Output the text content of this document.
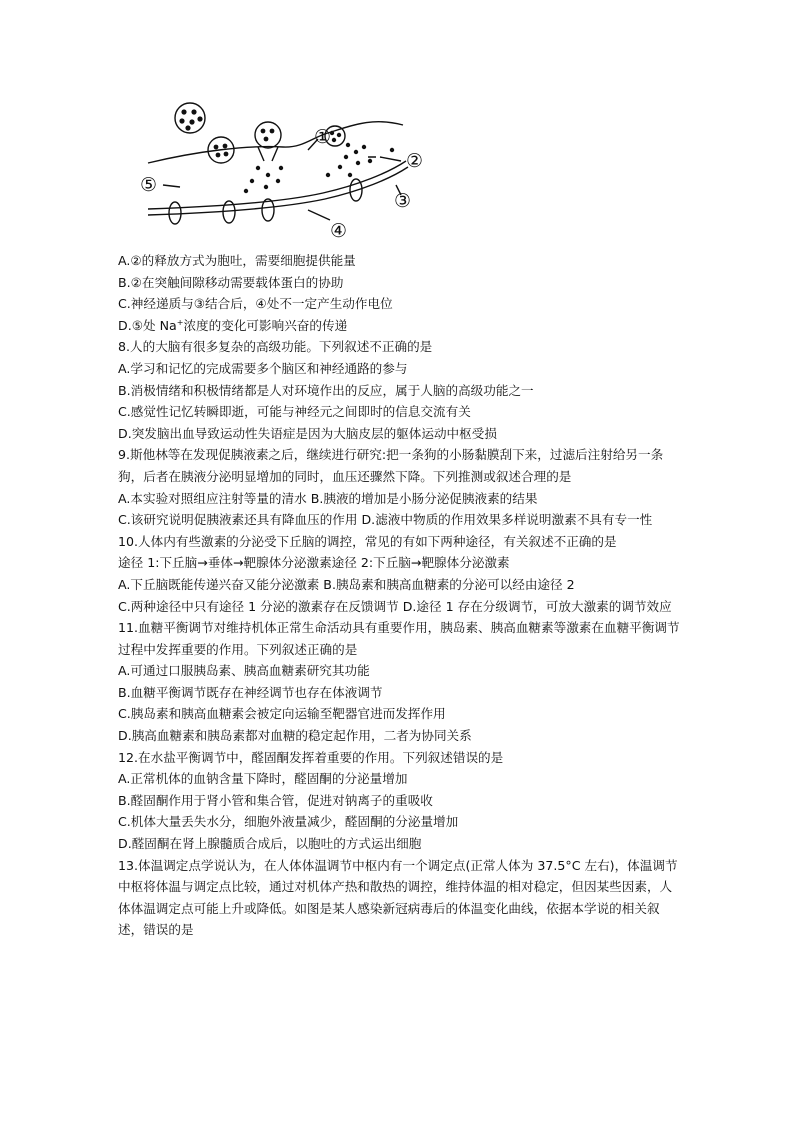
①
②
③
④
⑤
A.②的释放方式为胞吐，需要细胞提供能量
B.②在突触间隙移动需要载体蛋白的协助
C.神经递质与③结合后，④处不一定产生动作电位
D.⑤处 Na+浓度的变化可影响兴奋的传递
8.人的大脑有很多复杂的高级功能。下列叙述不正确的是
A.学习和记忆的完成需要多个脑区和神经通路的参与
B.消极情绪和积极情绪都是人对环境作出的反应，属于人脑的高级功能之一
C.感觉性记忆转瞬即逝，可能与神经元之间即时的信息交流有关
D.突发脑出血导致运动性失语症是因为大脑皮层的躯体运动中枢受损
9.斯他林等在发现促胰液素之后，继续进行研究:把一条狗的小肠黏膜刮下来，过滤后注射给另一条狗，后者在胰液分泌明显增加的同时，血压还骤然下降。下列推测或叙述合理的是
A.本实验对照组应注射等量的清水 B.胰液的增加是小肠分泌促胰液素的结果
C.该研究说明促胰液素还具有降血压的作用 D.滤液中物质的作用效果多样说明激素不具有专一性
10.人体内有些激素的分泌受下丘脑的调控，常见的有如下两种途径，有关叙述不正确的是
途径 1:下丘脑→垂体→靶腺体分泌激素途径 2:下丘脑→靶腺体分泌激素
A.下丘脑既能传递兴奋又能分泌激素 B.胰岛素和胰高血糖素的分泌可以经由途径 2
C.两种途径中只有途径 1 分泌的激素存在反馈调节 D.途径 1 存在分级调节，可放大激素的调节效应
11.血糖平衡调节对维持机体正常生命活动具有重要作用，胰岛素、胰高血糖素等激素在血糖平衡调节过程中发挥重要的作用。下列叙述正确的是
A.可通过口服胰岛素、胰高血糖素研究其功能
B.血糖平衡调节既存在神经调节也存在体液调节
C.胰岛素和胰高血糖素会被定向运输至靶器官进而发挥作用
D.胰高血糖素和胰岛素都对血糖的稳定起作用，二者为协同关系
12.在水盐平衡调节中，醛固酮发挥着重要的作用。下列叙述错误的是
A.正常机体的血钠含量下降时，醛固酮的分泌量增加
B.醛固酮作用于肾小管和集合管，促进对钠离子的重吸收
C.机体大量丢失水分，细胞外液量减少，醛固酮的分泌量增加
D.醛固酮在肾上腺髓质合成后，以胞吐的方式运出细胞
13.体温调定点学说认为，在人体体温调节中枢内有一个调定点(正常人体为 37.5°C 左右)，体温调节中枢将体温与调定点比较，通过对机体产热和散热的调控，维持体温的相对稳定，但因某些因素，人体体温调定点可能上升或降低。如图是某人感染新冠病毒后的体温变化曲线，依据本学说的相关叙述，错误的是
